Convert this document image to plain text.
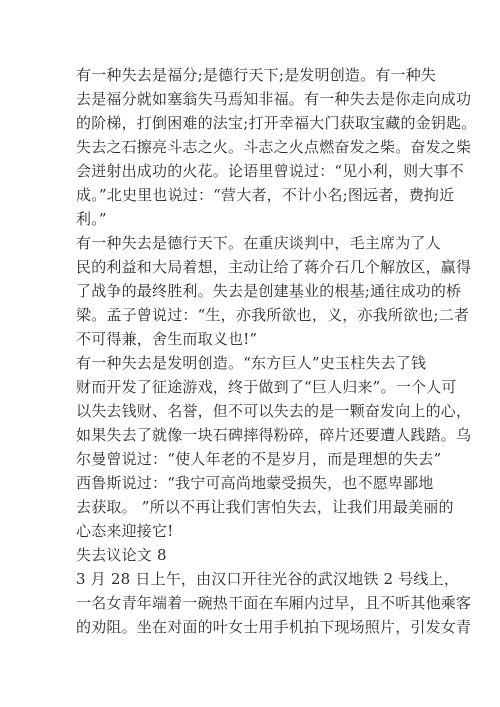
有一种失去是福分;是德行天下;是发明创造。有一种失
去是福分就如塞翁失马焉知非福。有一种失去是你走向成功
的阶梯，打倒困难的法宝;打开幸福大门获取宝藏的金钥匙。
失去之石擦亮斗志之火。斗志之火点燃奋发之柴。奋发之柴
会迸射出成功的火花。论语里曾说过：“见小利，则大事不
成。”北史里也说过：“营大者，不计小名;图远者，费拘近
利。”
有一种失去是德行天下。在重庆谈判中，毛主席为了人
民的利益和大局着想，主动让给了蒋介石几个解放区，赢得
了战争的最终胜利。失去是创建基业的根基;通往成功的桥
梁。孟子曾说过：“生，亦我所欲也，义，亦我所欲也;二者
不可得兼，舍生而取义也!”
有一种失去是发明创造。“东方巨人”史玉柱失去了钱
财而开发了征途游戏，终于做到了“巨人归来”。一个人可
以失去钱财、名誉，但不可以失去的是一颗奋发向上的心，
如果失去了就像一块石碑摔得粉碎，碎片还要遭人践踏。乌
尔曼曾说过：“使人年老的不是岁月，而是理想的失去”
西鲁斯说过：“我宁可高尚地蒙受损失，也不愿卑鄙地
去获取。 ”所以不再让我们害怕失去，让我们用最美丽的
心态来迎接它!
失去议论文 8
3 月 28 日上午，由汉口开往光谷的武汉地铁 2 号线上，
一名女青年端着一碗热干面在车厢内过早，且不听其他乘客
的劝阻。坐在对面的叶女士用手机拍下现场照片，引发女青
